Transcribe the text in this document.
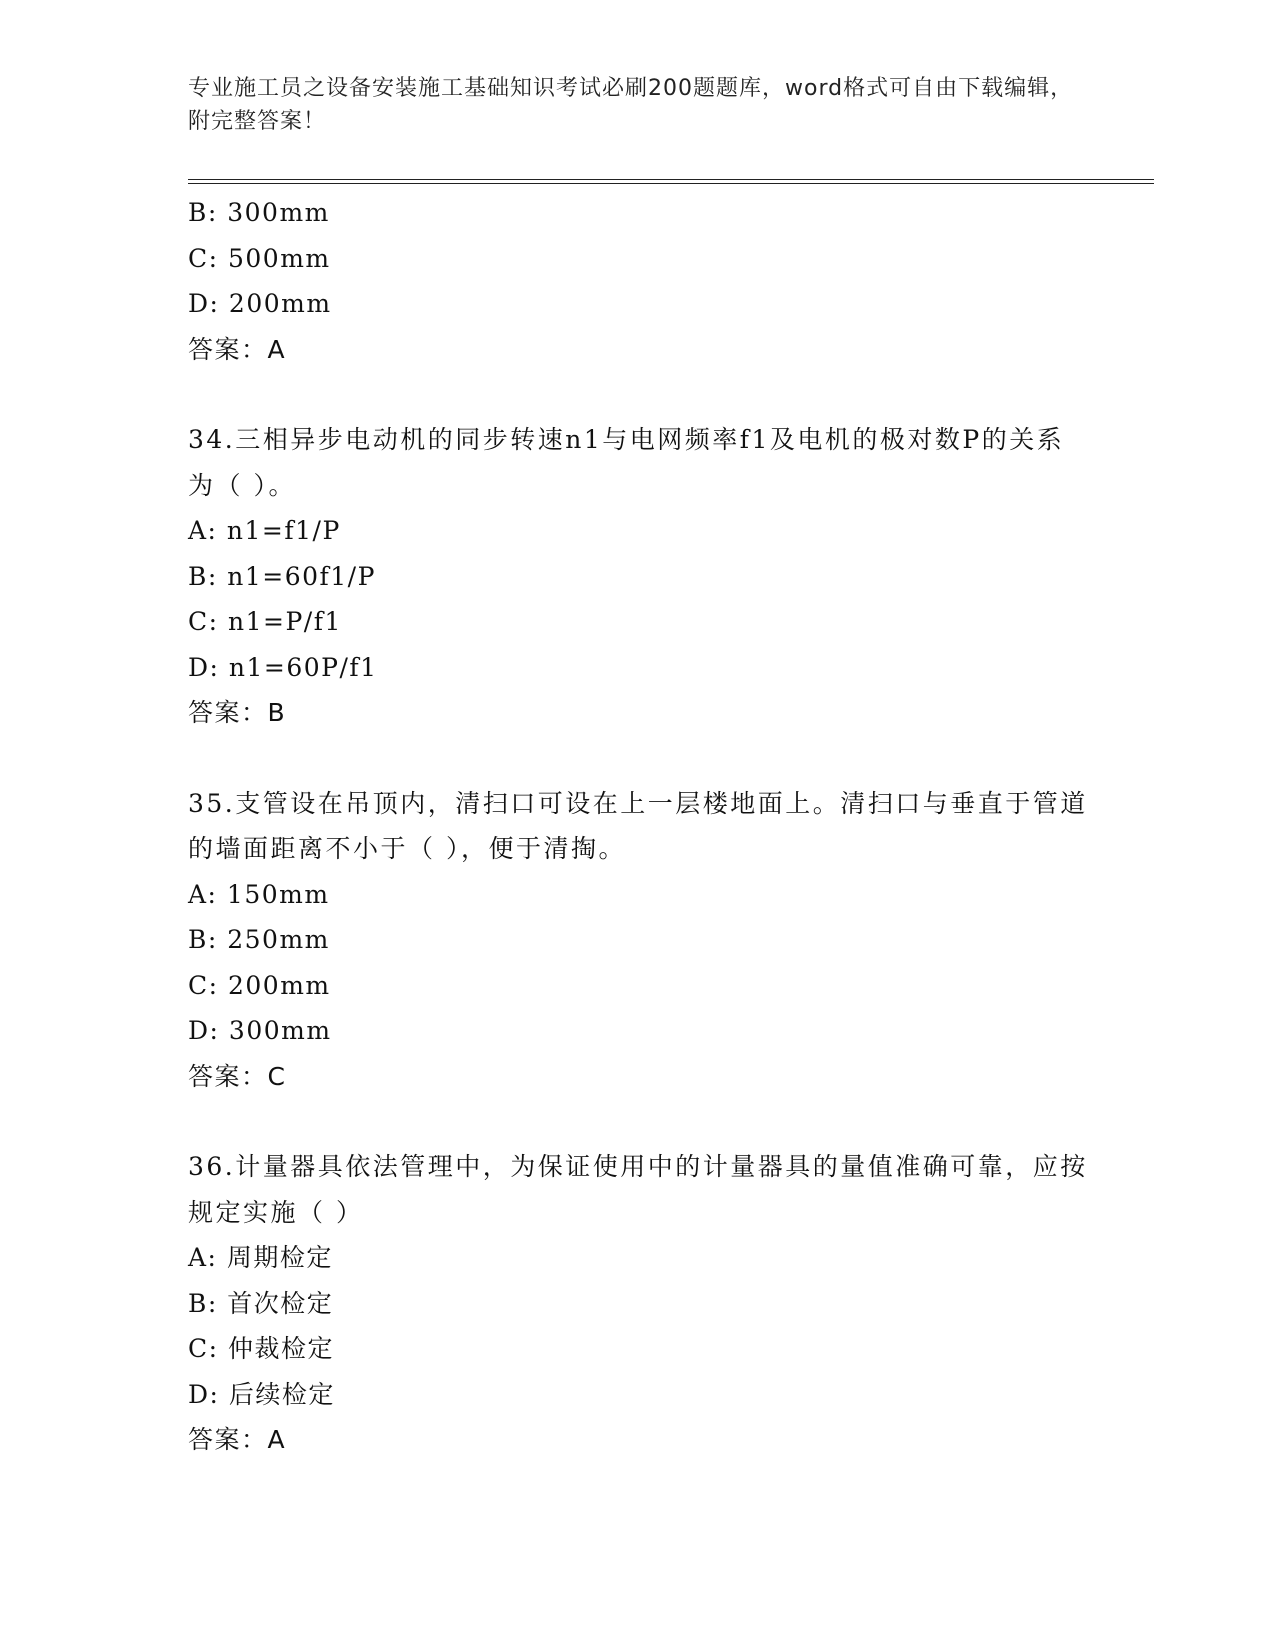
专业施工员之设备安装施工基础知识考试必刷200题题库，word格式可自由下载编辑，附完整答案！
B: 300mm
C: 500mm
D: 200mm
答案：A
34.三相异步电动机的同步转速n1与电网频率f1及电机的极对数P的关系为（ ）。
A: n1=f1/P
B: n1=60f1/P
C: n1=P/f1
D: n1=60P/f1
答案：B
35.支管设在吊顶内，清扫口可设在上一层楼地面上。清扫口与垂直于管道的墙面距离不小于（ ），便于清掏。
A: 150mm
B: 250mm
C: 200mm
D: 300mm
答案：C
36.计量器具依法管理中，为保证使用中的计量器具的量值准确可靠，应按规定实施（ ）
A: 周期检定
B: 首次检定
C: 仲裁检定
D: 后续检定
答案：A
